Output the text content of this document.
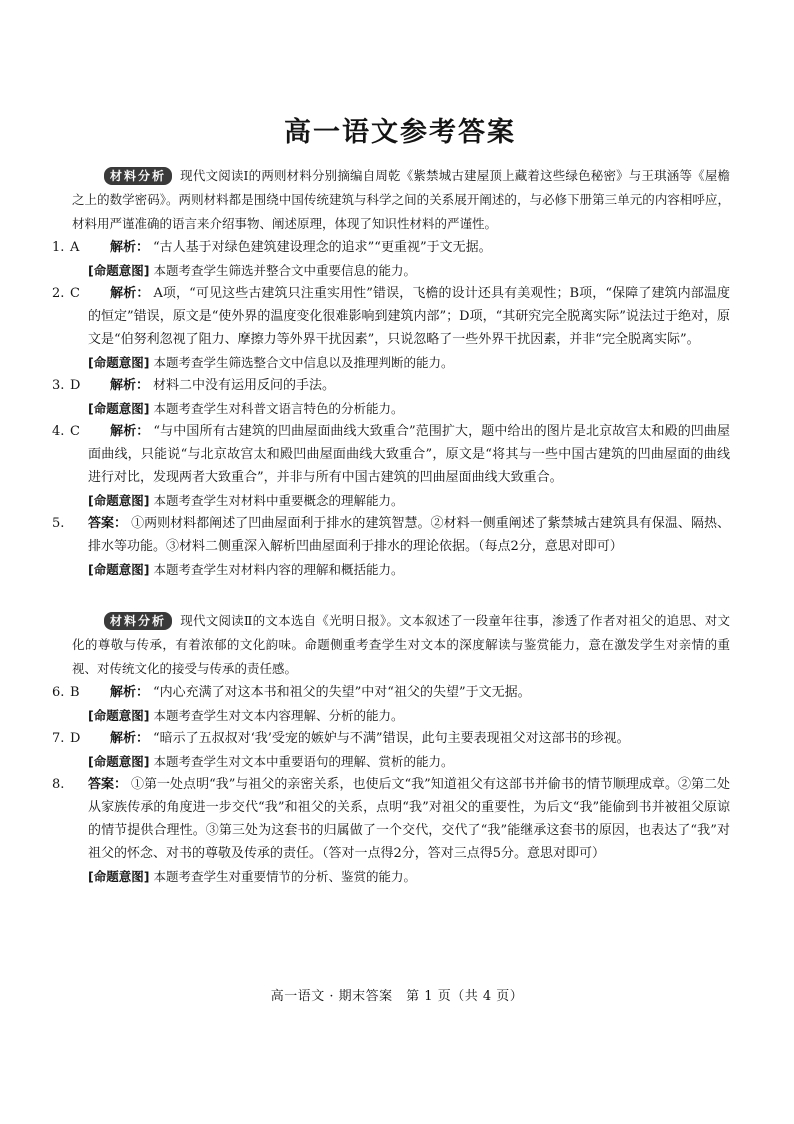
高一语文参考答案
材料分析 现代文阅读Ⅰ的两则材料分别摘编自周乾《紫禁城古建屋顶上藏着这些绿色秘密》与王琪涵等《屋檐之上的数学密码》。两则材料都是围绕中国传统建筑与科学之间的关系展开阐述的，与必修下册第三单元的内容相呼应，材料用严谨准确的语言来介绍事物、阐述原理，体现了知识性材料的严谨性。
1. A 解析： “古人基于对绿色建筑建设理念的追求”“更重视”于文无据。
[命题意图] 本题考查学生筛选并整合文中重要信息的能力。
2. C 解析： A项，“可见这些古建筑只注重实用性”错误，飞檐的设计还具有美观性；B项，“保障了建筑内部温度的恒定”错误，原文是“使外界的温度变化很难影响到建筑内部”；D项，“其研究完全脱离实际”说法过于绝对，原文是“伯努利忽视了阻力、摩擦力等外界干扰因素”，只说忽略了一些外界干扰因素，并非“完全脱离实际”。
[命题意图] 本题考查学生筛选整合文中信息以及推理判断的能力。
3. D 解析： 材料二中没有运用反问的手法。
[命题意图] 本题考查学生对科普文语言特色的分析能力。
4. C 解析： “与中国所有古建筑的凹曲屋面曲线大致重合”范围扩大，题中给出的图片是北京故宫太和殿的凹曲屋面曲线，只能说“与北京故宫太和殿凹曲屋面曲线大致重合”，原文是“将其与一些中国古建筑的凹曲屋面的曲线进行对比，发现两者大致重合”，并非与所有中国古建筑的凹曲屋面曲线大致重合。
[命题意图] 本题考查学生对材料中重要概念的理解能力。
5. 答案： ①两则材料都阐述了凹曲屋面利于排水的建筑智慧。②材料一侧重阐述了紫禁城古建筑具有保温、隔热、排水等功能。③材料二侧重深入解析凹曲屋面利于排水的理论依据。（每点2分，意思对即可）
[命题意图] 本题考查学生对材料内容的理解和概括能力。
材料分析 现代文阅读Ⅱ的文本选自《光明日报》。文本叙述了一段童年往事，渗透了作者对祖父的追思、对文化的尊敬与传承，有着浓郁的文化韵味。命题侧重考查学生对文本的深度解读与鉴赏能力，意在激发学生对亲情的重视、对传统文化的接受与传承的责任感。
6. B 解析： “内心充满了对这本书和祖父的失望”中对“祖父的失望”于文无据。
[命题意图] 本题考查学生对文本内容理解、分析的能力。
7. D 解析： “暗示了五叔叔对‘我’受宠的嫉妒与不满”错误，此句主要表现祖父对这部书的珍视。
[命题意图] 本题考查学生对文本中重要语句的理解、赏析的能力。
8. 答案： ①第一处点明“我”与祖父的亲密关系，也使后文“我”知道祖父有这部书并偷书的情节顺理成章。②第二处从家族传承的角度进一步交代“我”和祖父的关系，点明“我”对祖父的重要性，为后文“我”能偷到书并被祖父原谅的情节提供合理性。③第三处为这套书的归属做了一个交代，交代了“我”能继承这套书的原因，也表达了“我”对祖父的怀念、对书的尊敬及传承的责任。（答对一点得2分，答对三点得5分。意思对即可）
[命题意图] 本题考查学生对重要情节的分析、鉴赏的能力。
高一语文 · 期末答案　第 1 页（共 4 页）
